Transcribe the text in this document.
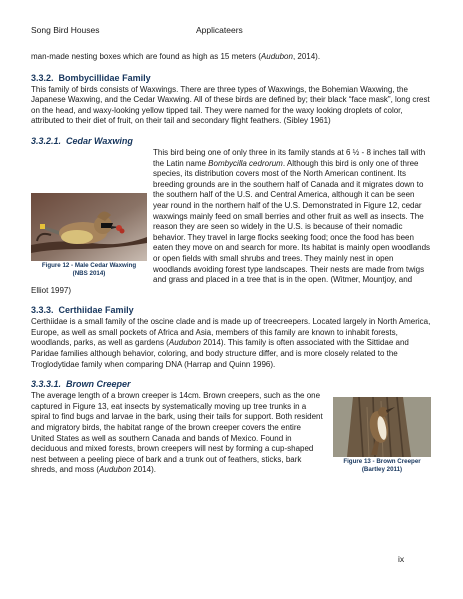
Song Bird Houses	Applicateers

man-made nesting boxes which are found as high as 15 meters (Audubon, 2014).

3.3.2. Bombycillidae Family

This family of birds consists of Waxwings. There are three types of Waxwings, the Bohemian Waxwing, the Japanese Waxwing, and the Cedar Waxwing. All of these birds are defined by; their black “face mask”, long crest on the head, and waxy-looking yellow tipped tail. They were named for the waxy looking droplets of color, attributed to their diet of fruit, on their tail and secondary flight feathers. (Sibley 1961)

3.3.2.1. Cedar Waxwing
Figure 12 - Male Cedar Waxwing
(NBS 2014)

This bird being one of only three in its family stands at 6 ½ - 8 inches tall with the Latin name Bombycilla cedrorum. Although this bird is only one of three species, its distribution covers most of the North American continent. Its breeding grounds are in the southern half of Canada and it migrates down to the southern half of the U.S. and Central America, although it can be seen year round in the northern half of the U.S. Demonstrated in Figure 12, cedar waxwings mainly feed on small berries and other fruit as well as insects. The reason they are seen so widely in the U.S. is because of their nomadic behavior. They travel in large flocks seeking food; once the food has been eaten they move on and search for more. Its habitat is mainly open woodlands or open fields with small shrubs and trees. They mainly nest in open woodlands avoiding forest type landscapes. Their nests are made from twigs and grass and placed in a tree that is in the open. (Witmer, Mountjoy, and Elliot 1997)

3.3.3. Certhiidae Family

Certhiidae is a small family of the oscine clade and is made up of treecreepers. Located largely in North America, Europe, as well as small pockets of Africa and Asia, members of this family are known to inhabit forests, woodlands, parks, as well as gardens (Audubon 2014). This family is often associated with the Sittidae and Paridae families although behavior, coloring, and body structure differ, and is more closely related to the Troglodytidae family when comparing DNA (Harrap and Quinn 1996).

3.3.3.1. Brown Creeper
Figure 13 - Brown Creeper
(Bartley 2011)

The average length of a brown creeper is 14cm. Brown creepers, such as the one captured in Figure 13, eat insects by systematically moving up tree trunks in a spiral to find bugs and larvae in the bark, using their tails for support. Both resident and migratory birds, the habitat range of the brown creeper covers the entire United States as well as southern Canada and bands of Mexico. Found in deciduous and mixed forests, brown creepers will nest by forming a cup-shaped nest between a peeling piece of bark and a trunk out of feathers, sticks, bark shreds, and moss (Audubon 2014).

ix
